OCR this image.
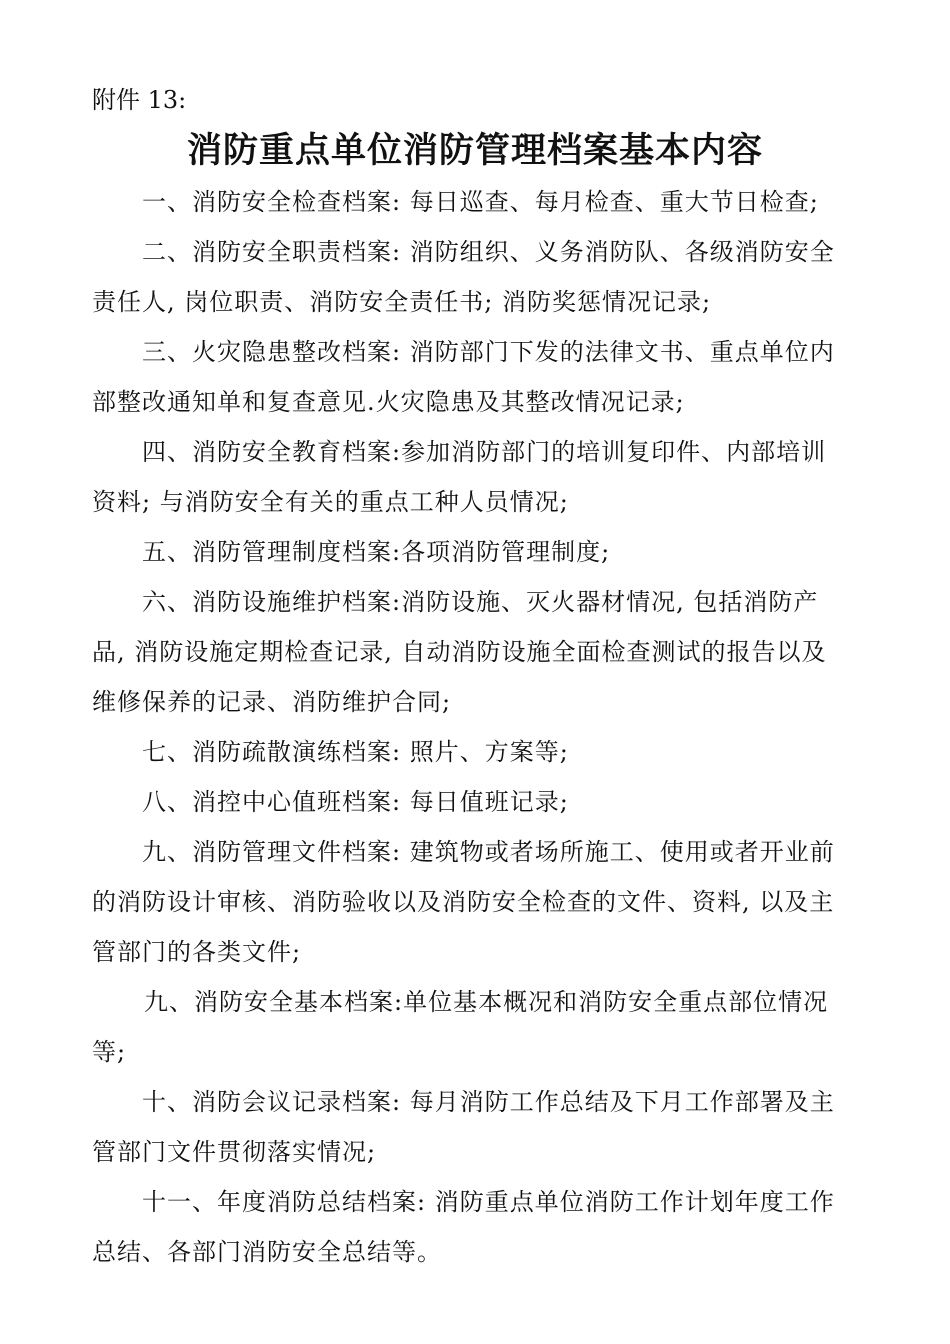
附件 13:
消防重点单位消防管理档案基本内容
一、消防安全检查档案: 每日巡查、每月检查、重大节日检查;
二、消防安全职责档案: 消防组织、义务消防队、各级消防安全
责任人, 岗位职责、消防安全责任书; 消防奖惩情况记录;
三、火灾隐患整改档案: 消防部门下发的法律文书、重点单位内
部整改通知单和复查意见.火灾隐患及其整改情况记录;
四、消防安全教育档案:参加消防部门的培训复印件、内部培训
资料; 与消防安全有关的重点工种人员情况;
五、消防管理制度档案:各项消防管理制度;
六、消防设施维护档案:消防设施、灭火器材情况, 包括消防产
品, 消防设施定期检查记录, 自动消防设施全面检查测试的报告以及
维修保养的记录、消防维护合同;
七、消防疏散演练档案: 照片、方案等;
八、消控中心值班档案: 每日值班记录;
九、消防管理文件档案: 建筑物或者场所施工、使用或者开业前
的消防设计审核、消防验收以及消防安全检查的文件、资料, 以及主
管部门的各类文件;
九、消防安全基本档案:单位基本概况和消防安全重点部位情况
等;
十、消防会议记录档案: 每月消防工作总结及下月工作部署及主
管部门文件贯彻落实情况;
十一、年度消防总结档案: 消防重点单位消防工作计划年度工作
总结、各部门消防安全总结等。
